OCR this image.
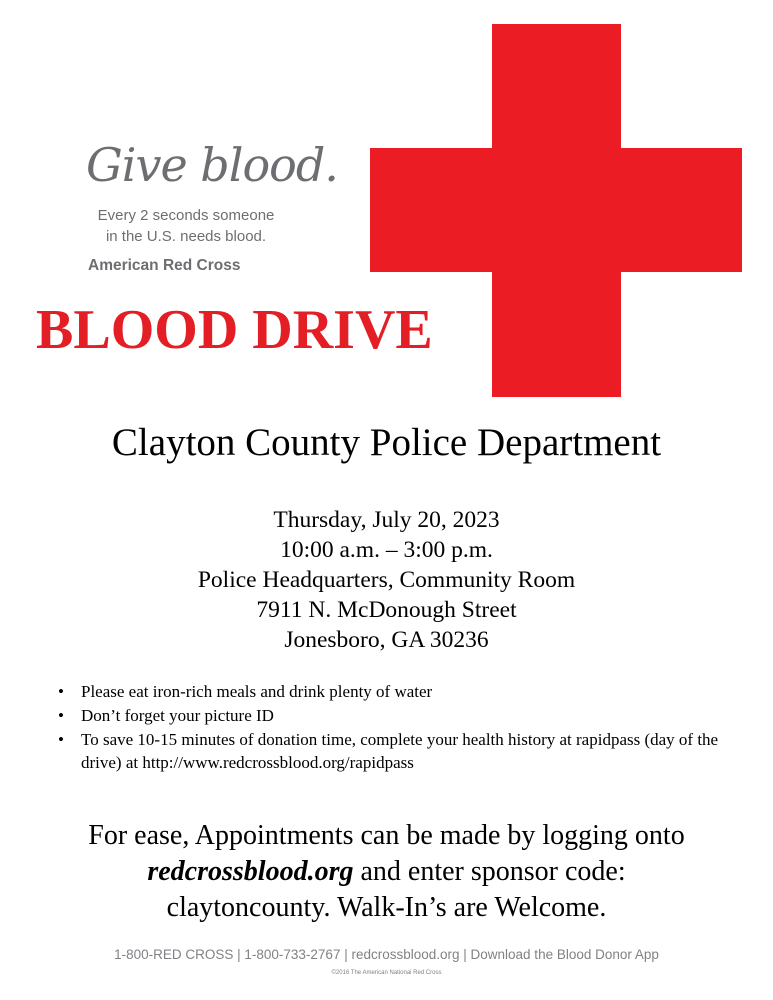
Give blood.
Every 2 seconds someone
in the U.S. needs blood.
American Red Cross
BLOOD DRIVE
Clayton County Police Department
Thursday, July 20, 2023
10:00 a.m. – 3:00 p.m.
Police Headquarters, Community Room
7911 N. McDonough Street
Jonesboro, GA 30236
• Please eat iron-rich meals and drink plenty of water
• Don’t forget your picture ID
• To save 10-15 minutes of donation time, complete your health history at rapidpass (day of the drive) at http://www.redcrossblood.org/rapidpass
For ease, Appointments can be made by logging onto
redcrossblood.org and enter sponsor code:
claytoncounty. Walk-In’s are Welcome.
1-800-RED CROSS | 1-800-733-2767 | redcrossblood.org | Download the Blood Donor App
©2016 The American National Red Cross
